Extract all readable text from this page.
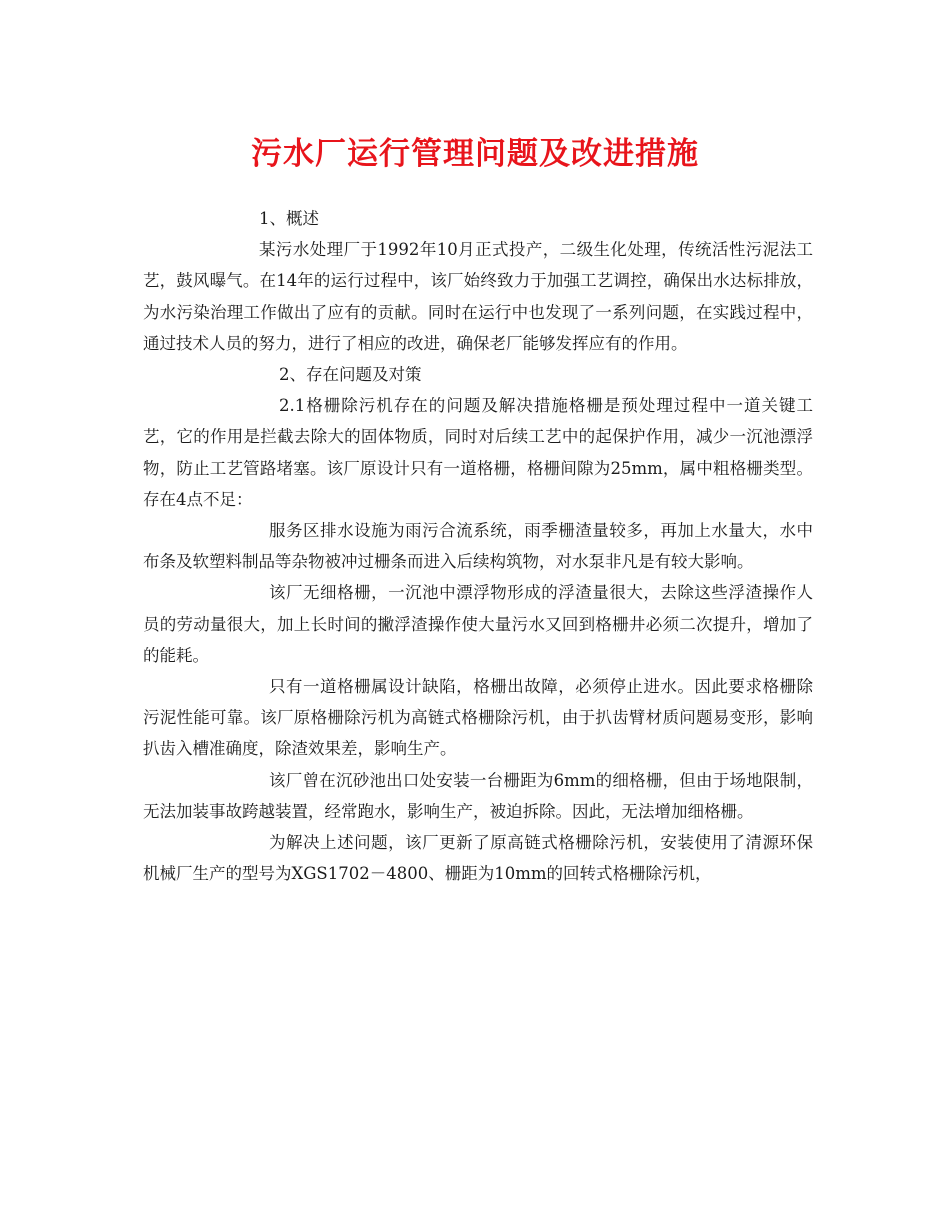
污水厂运行管理问题及改进措施

1、概述

某污水处理厂于1992年10月正式投产，二级生化处理，传统活性污泥法工艺，鼓风曝气。在14年的运行过程中，该厂始终致力于加强工艺调控，确保出水达标排放，为水污染治理工作做出了应有的贡献。同时在运行中也发现了一系列问题，在实践过程中，通过技术人员的努力，进行了相应的改进，确保老厂能够发挥应有的作用。

2、存在问题及对策

2.1格栅除污机存在的问题及解决措施格栅是预处理过程中一道关键工艺，它的作用是拦截去除大的固体物质，同时对后续工艺中的起保护作用，减少一沉池漂浮物，防止工艺管路堵塞。该厂原设计只有一道格栅，格栅间隙为25mm，属中粗格栅类型。存在4点不足：

服务区排水设施为雨污合流系统，雨季栅渣量较多，再加上水量大，水中布条及软塑料制品等杂物被冲过栅条而进入后续构筑物，对水泵非凡是有较大影响。

该厂无细格栅，一沉池中漂浮物形成的浮渣量很大，去除这些浮渣操作人员的劳动量很大，加上长时间的撇浮渣操作使大量污水又回到格栅井必须二次提升，增加了的能耗。

只有一道格栅属设计缺陷，格栅出故障，必须停止进水。因此要求格栅除污泥性能可靠。该厂原格栅除污机为高链式格栅除污机，由于扒齿臂材质问题易变形，影响扒齿入槽准确度，除渣效果差，影响生产。

该厂曾在沉砂池出口处安装一台栅距为6mm的细格栅，但由于场地限制，无法加装事故跨越装置，经常跑水，影响生产，被迫拆除。因此，无法增加细格栅。

为解决上述问题，该厂更新了原高链式格栅除污机，安装使用了清源环保机械厂生产的型号为XGS1702－4800、栅距为10mm的回转式格栅除污机，
